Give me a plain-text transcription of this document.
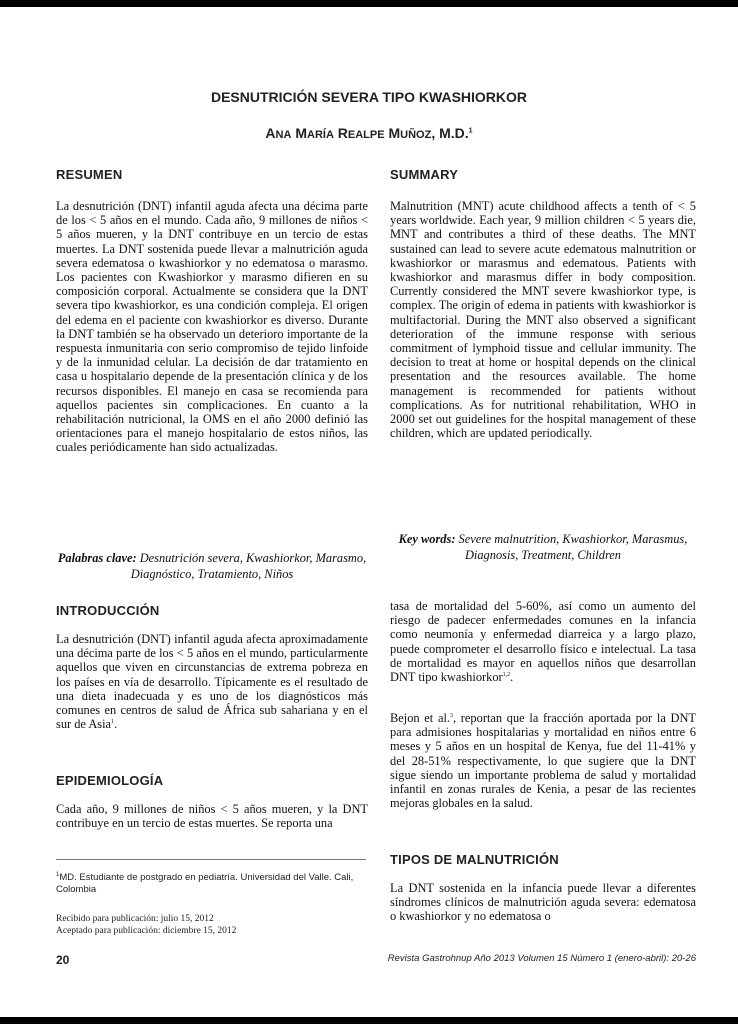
DESNUTRICIÓN SEVERA TIPO KWASHIORKOR
ANA MARÍA REALPE MUÑOZ, M.D.$^1$
RESUMEN
La desnutrición (DNT) infantil aguda afecta una décima parte de los < 5 años en el mundo. Cada año, 9 millones de niños < 5 años mueren, y la DNT contribuye en un tercio de estas muertes. La DNT sostenida puede llevar a malnutrición aguda severa edematosa o kwashiorkor y no edematosa o marasmo. Los pacientes con Kwashiorkor y marasmo difieren en su composición corporal. Actualmente se considera que la DNT severa tipo kwashiorkor, es una condición compleja. El origen del edema en el paciente con kwashiorkor es diverso. Durante la DNT también se ha observado un deterioro importante de la respuesta inmunitaria con serio compromiso de tejido linfoide y de la inmunidad celular. La decisión de dar tratamiento en casa u hospitalario depende de la presentación clínica y de los recursos disponibles. El manejo en casa se recomienda para aquellos pacientes sin complicaciones. En cuanto a la rehabilitación nutricional, la OMS en el año 2000 definió las orientaciones para el manejo hospitalario de estos niños, las cuales periódicamente han sido actualizadas.
Palabras clave: Desnutrición severa, Kwashiorkor, Marasmo, Diagnóstico, Tratamiento, Niños
INTRODUCCIÓN
La desnutrición (DNT) infantil aguda afecta aproximadamente una décima parte de los < 5 años en el mundo, particularmente aquellos que viven en circunstancias de extrema pobreza en los países en vía de desarrollo. Típicamente es el resultado de una dieta inadecuada y es uno de los diagnósticos más comunes en centros de salud de África sub sahariana y en el sur de Asia$^1$.
EPIDEMIOLOGÍA
Cada año, 9 millones de niños < 5 años mueren, y la DNT contribuye en un tercio de estas muertes. Se reporta una
$^1$MD. Estudiante de postgrado en pediatría. Universidad del Valle. Cali, Colombia
Recibido para publicación: julio 15, 2012
Aceptado para publicación: diciembre 15, 2012
SUMMARY
Malnutrition (MNT) acute childhood affects a tenth of < 5 years worldwide. Each year, 9 million children < 5 years die, MNT and contributes a third of these deaths. The MNT sustained can lead to severe acute edematous malnutrition or kwashiorkor or marasmus and edematous. Patients with kwashiorkor and marasmus differ in body composition. Currently considered the MNT severe kwashiorkor type, is complex. The origin of edema in patients with kwashiorkor is multifactorial. During the MNT also observed a significant deterioration of the immune response with serious commitment of lymphoid tissue and cellular immunity. The decision to treat at home or hospital depends on the clinical presentation and the resources available. The home management is recommended for patients without complications. As for nutritional rehabilitation, WHO in 2000 set out guidelines for the hospital management of these children, which are updated periodically.
Key words: Severe malnutrition, Kwashiorkor, Marasmus, Diagnosis, Treatment, Children
tasa de mortalidad del 5-60%, así como un aumento del riesgo de padecer enfermedades comunes en la infancia como neumonía y enfermedad diarreica y a largo plazo, puede comprometer el desarrollo físico e intelectual. La tasa de mortalidad es mayor en aquellos niños que desarrollan DNT tipo kwashiorkor$^{1,2}$.
Bejon et al.$^3$, reportan que la fracción aportada por la DNT para admisiones hospitalarias y mortalidad en niños entre 6 meses y 5 años en un hospital de Kenya, fue del 11-41% y del 28-51% respectivamente, lo que sugiere que la DNT sigue siendo un importante problema de salud y mortalidad infantil en zonas rurales de Kenia, a pesar de las recientes mejoras globales en la salud.
TIPOS DE MALNUTRICIÓN
La DNT sostenida en la infancia puede llevar a diferentes síndromes clínicos de malnutrición aguda severa: edematosa o kwashiorkor y no edematosa o
20	Revista Gastrohnup Año 2013 Volumen 15 Número 1 (enero-abril): 20-26
